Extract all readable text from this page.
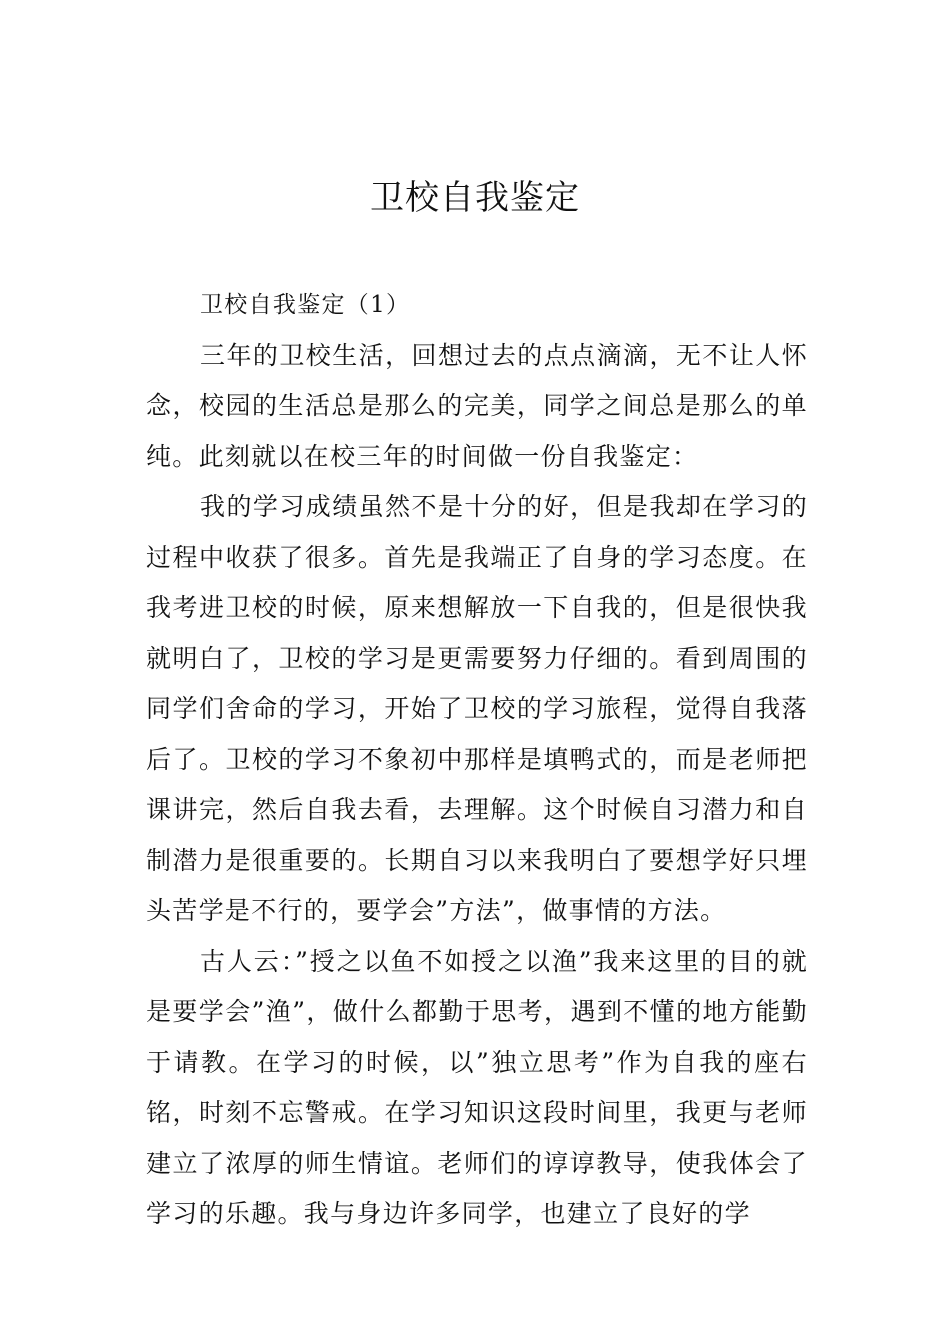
卫校自我鉴定

卫校自我鉴定（1）

三年的卫校生活，回想过去的点点滴滴，无不让人怀念，校园的生活总是那么的完美，同学之间总是那么的单纯。此刻就以在校三年的时间做一份自我鉴定：

我的学习成绩虽然不是十分的好，但是我却在学习的过程中收获了很多。首先是我端正了自身的学习态度。在我考进卫校的时候，原来想解放一下自我的，但是很快我就明白了，卫校的学习是更需要努力仔细的。看到周围的同学们舍命的学习，开始了卫校的学习旅程，觉得自我落后了。卫校的学习不象初中那样是填鸭式的，而是老师把课讲完，然后自我去看，去理解。这个时候自习潜力和自制潜力是很重要的。长期自习以来我明白了要想学好只埋头苦学是不行的，要学会”方法”，做事情的方法。

古人云：”授之以鱼不如授之以渔”我来这里的目的就是要学会”渔”，做什么都勤于思考，遇到不懂的地方能勤于请教。在学习的时候，以”独立思考”作为自我的座右铭，时刻不忘警戒。在学习知识这段时间里，我更与老师建立了浓厚的师生情谊。老师们的谆谆教导，使我体会了学习的乐趣。我与身边许多同学，也建立了良好的学
